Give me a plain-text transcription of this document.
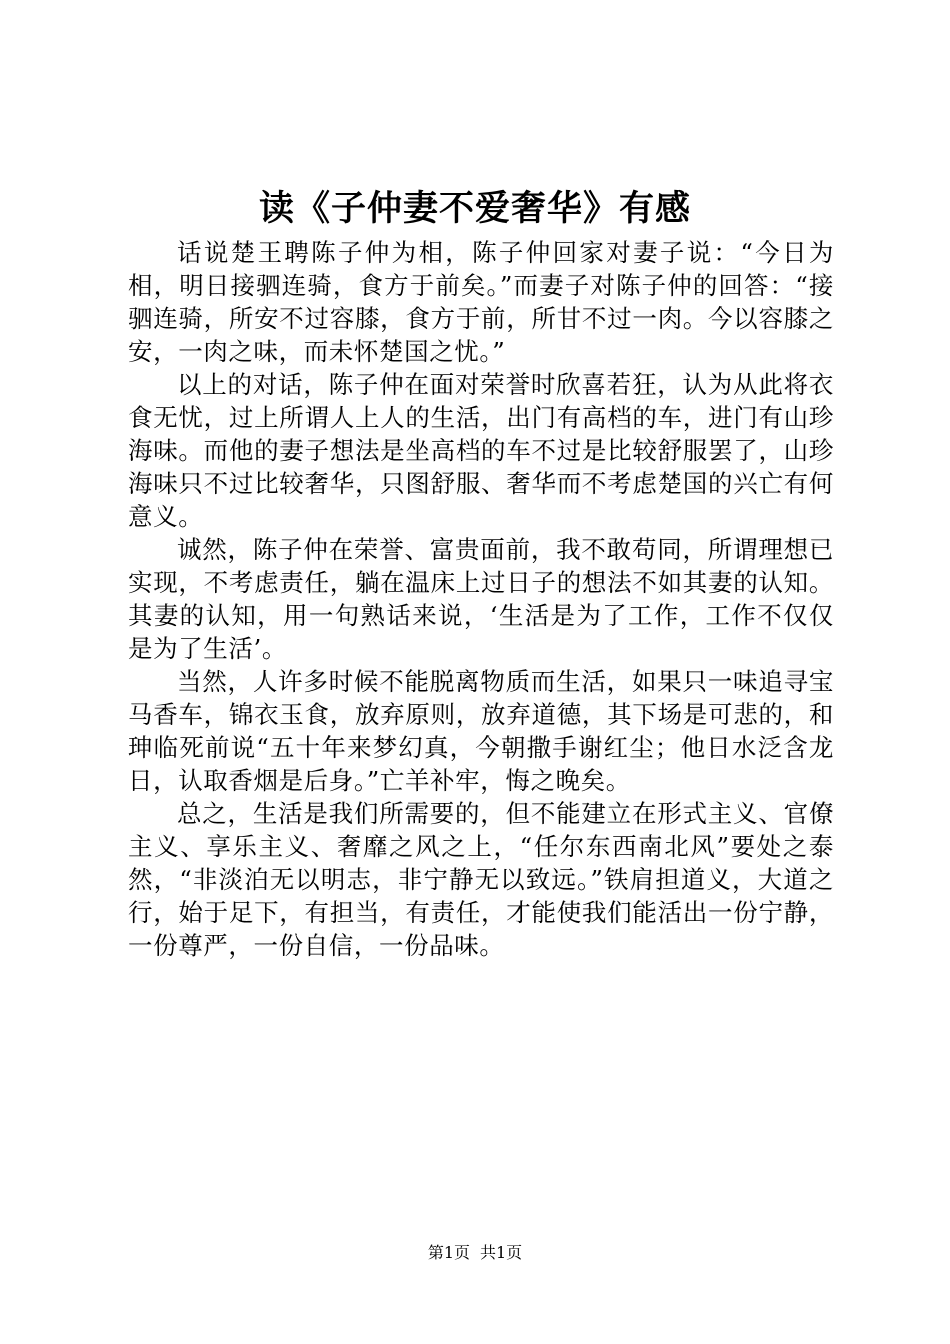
读《子仲妻不爱奢华》有感

话说楚王聘陈子仲为相，陈子仲回家对妻子说：“今日为相，明日接驷连骑，食方于前矣。”而妻子对陈子仲的回答：“接驷连骑，所安不过容膝，食方于前，所甘不过一肉。今以容膝之安，一肉之味，而未怀楚国之忧。”

以上的对话，陈子仲在面对荣誉时欣喜若狂，认为从此将衣食无忧，过上所谓人上人的生活，出门有高档的车，进门有山珍海味。而他的妻子想法是坐高档的车不过是比较舒服罢了，山珍海味只不过比较奢华，只图舒服、奢华而不考虑楚国的兴亡有何意义。

诚然，陈子仲在荣誉、富贵面前，我不敢苟同，所谓理想已实现，不考虑责任，躺在温床上过日子的想法不如其妻的认知。其妻的认知，用一句熟话来说，‘生活是为了工作，工作不仅仅是为了生活’。

当然，人许多时候不能脱离物质而生活，如果只一味追寻宝马香车，锦衣玉食，放弃原则，放弃道德，其下场是可悲的，和珅临死前说“五十年来梦幻真，今朝撒手谢红尘；他日水泛含龙日，认取香烟是后身。”亡羊补牢，悔之晚矣。

总之，生活是我们所需要的，但不能建立在形式主义、官僚主义、享乐主义、奢靡之风之上，“任尔东西南北风”要处之泰然，“非淡泊无以明志，非宁静无以致远。”铁肩担道义，大道之行，始于足下，有担当，有责任，才能使我们能活出一份宁静，一份尊严，一份自信，一份品味。

第1页 共1页
